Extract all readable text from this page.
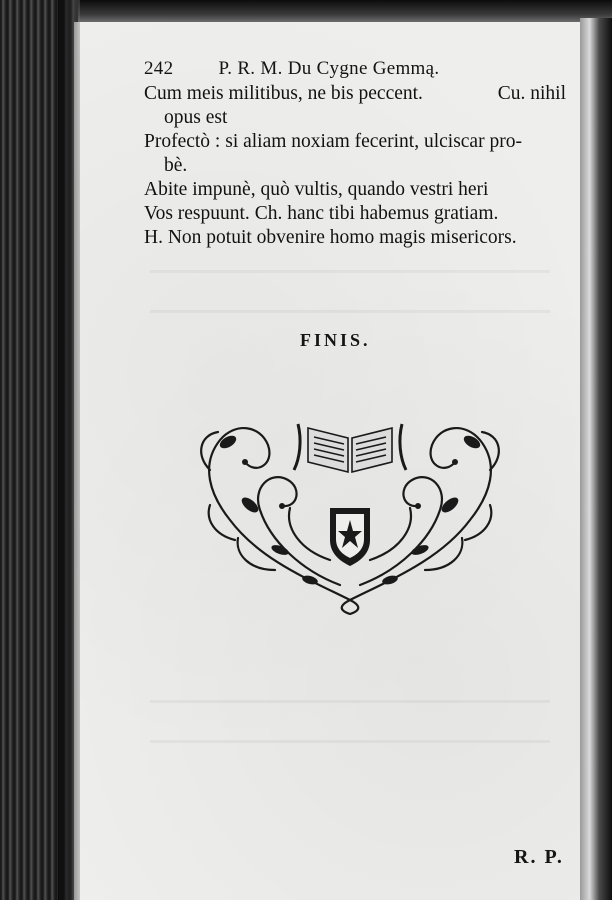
242 P. R. M. Du Cygne Gemmą.
Cum meis militibus, ne bis peccent.	Cu. nihil
opus est
Profectò : si aliam noxiam fecerint, ulciscar pro-
bè.
Abite impunè, quò vultis, quando vestri heri
Vos respuunt. Ch. hanc tibi habemus gratiam.
H. Non potuit obvenire homo magis misericors.
FINIS.
R. P.
